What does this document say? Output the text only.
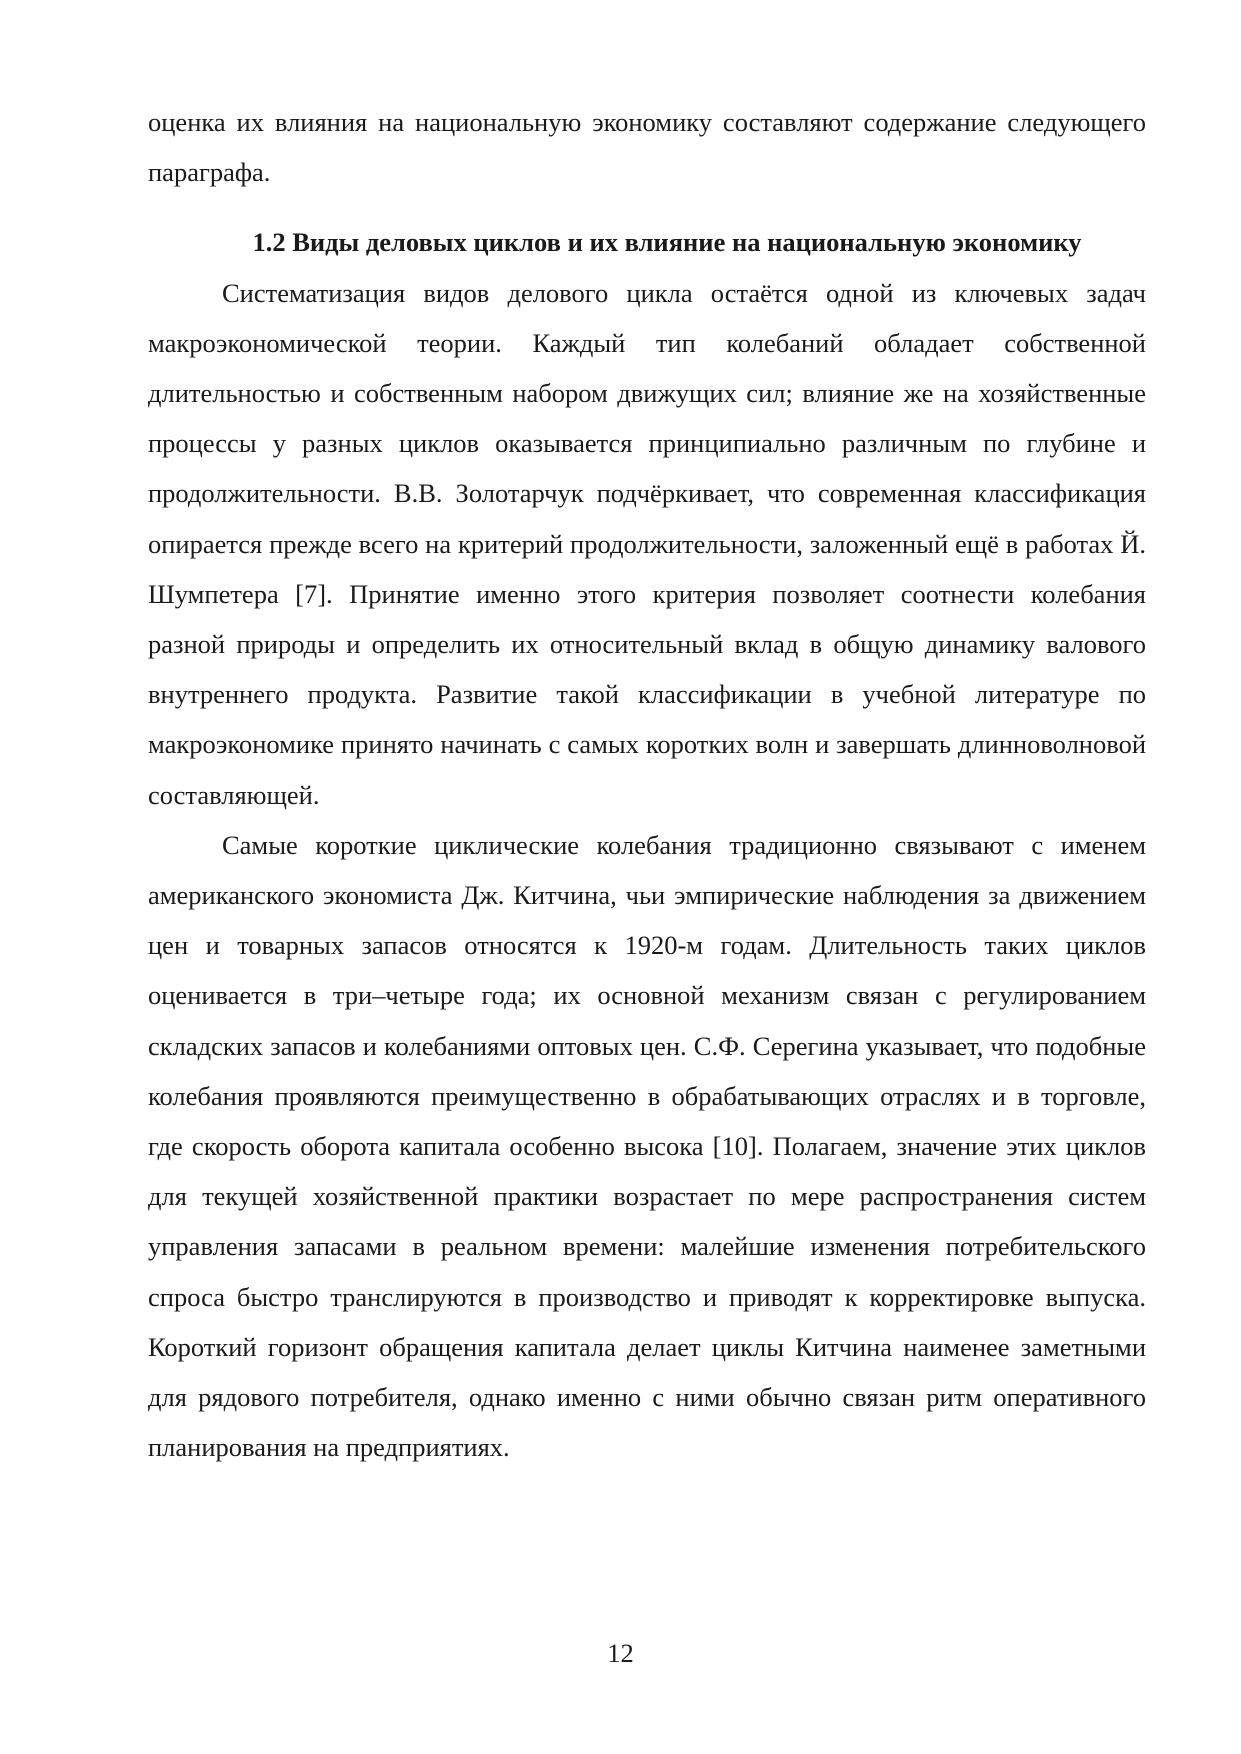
оценка их влияния на национальную экономику составляют содержание следующего параграфа.

1.2 Виды деловых циклов и их влияние на национальную экономику

Систематизация видов делового цикла остаётся одной из ключевых задач макроэкономической теории. Каждый тип колебаний обладает собственной длительностью и собственным набором движущих сил; влияние же на хозяйственные процессы у разных циклов оказывается принципиально различным по глубине и продолжительности. В.В. Золотарчук подчёркивает, что современная классификация опирается прежде всего на критерий продолжительности, заложенный ещё в работах Й. Шумпетера [7]. Принятие именно этого критерия позволяет соотнести колебания разной природы и определить их относительный вклад в общую динамику валового внутреннего продукта. Развитие такой классификации в учебной литературе по макроэкономике принято начинать с самых коротких волн и завершать длинноволновой составляющей.

Самые короткие циклические колебания традиционно связывают с именем американского экономиста Дж. Китчина, чьи эмпирические наблюдения за движением цен и товарных запасов относятся к 1920-м годам. Длительность таких циклов оценивается в три–четыре года; их основной механизм связан с регулированием складских запасов и колебаниями оптовых цен. С.Ф. Серегина указывает, что подобные колебания проявляются преимущественно в обрабатывающих отраслях и в торговле, где скорость оборота капитала особенно высока [10]. Полагаем, значение этих циклов для текущей хозяйственной практики возрастает по мере распространения систем управления запасами в реальном времени: малейшие изменения потребительского спроса быстро транслируются в производство и приводят к корректировке выпуска. Короткий горизонт обращения капитала делает циклы Китчина наименее заметными для рядового потребителя, однако именно с ними обычно связан ритм оперативного планирования на предприятиях.

12
